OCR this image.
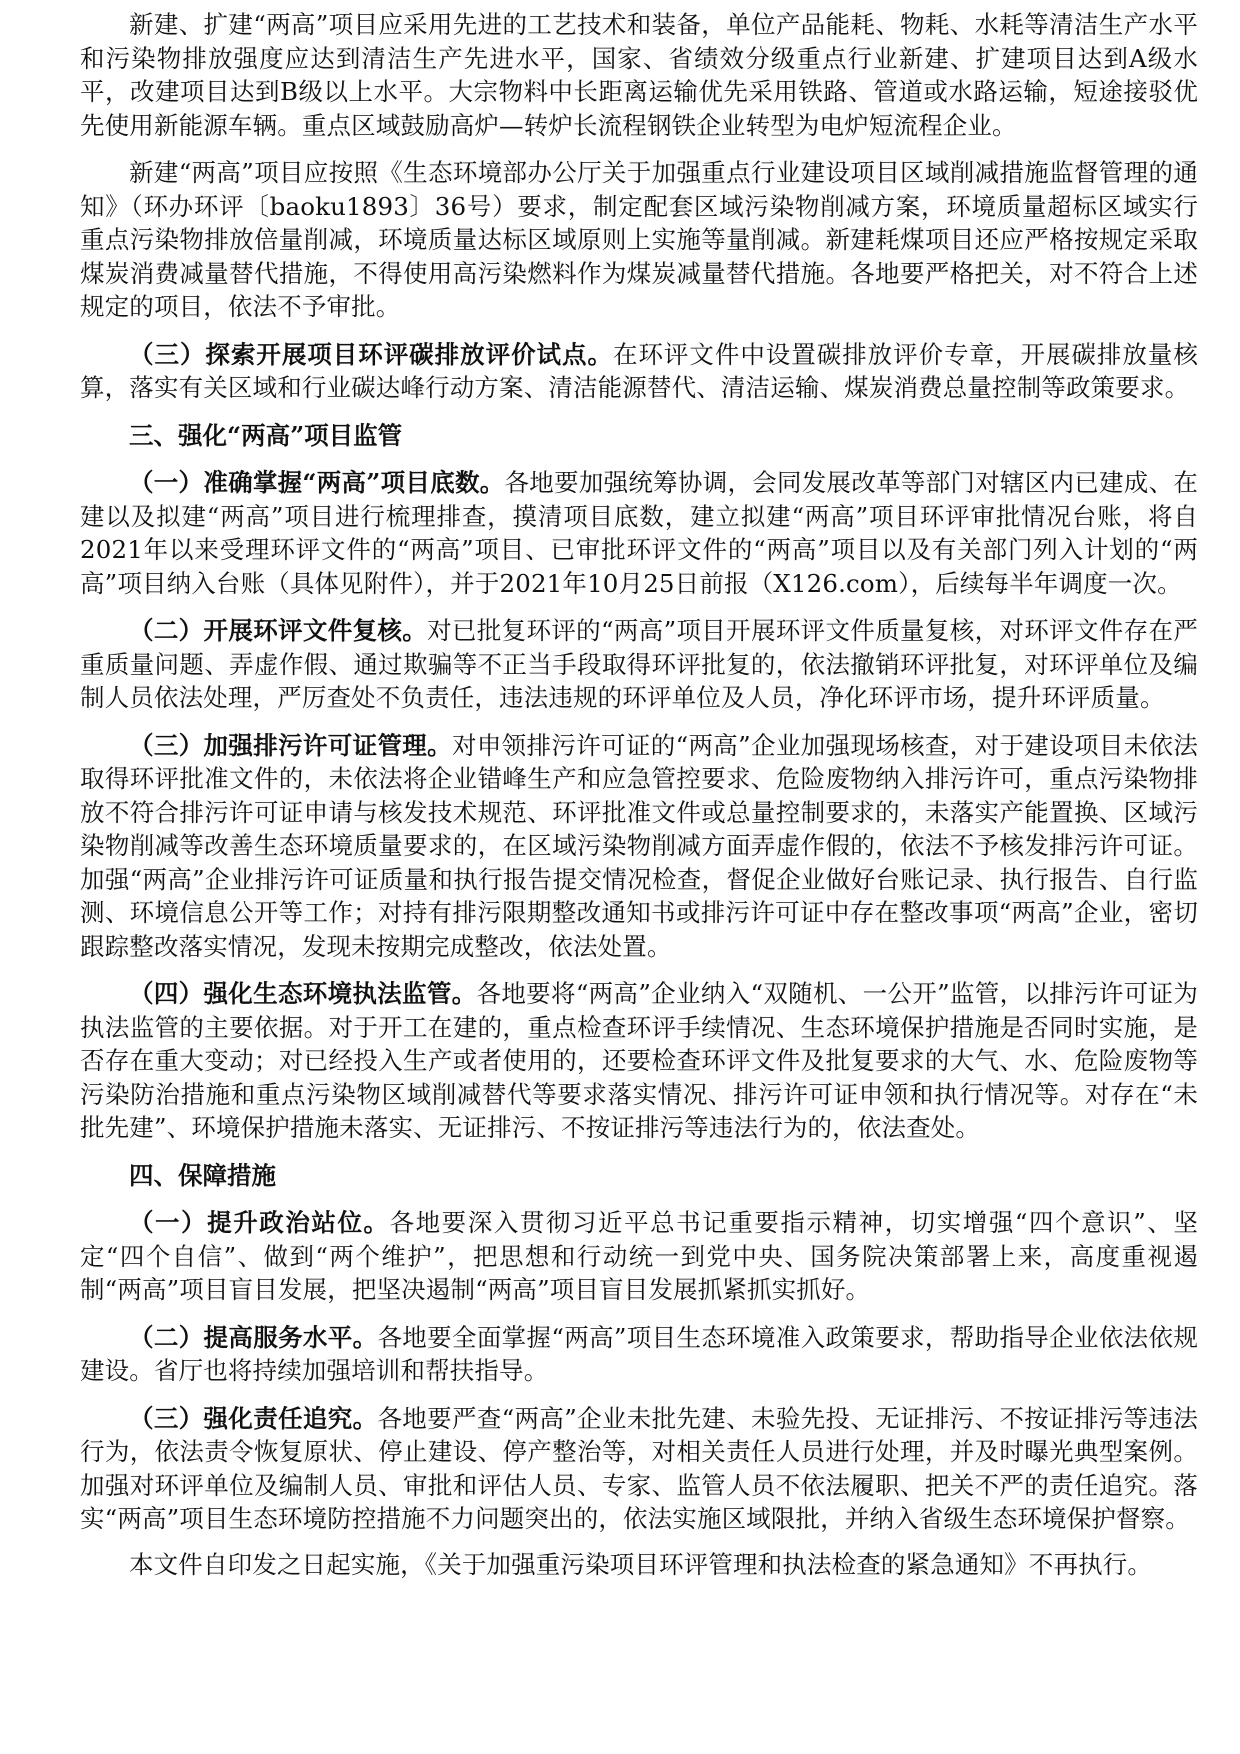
新建、扩建“两高”项目应采用先进的工艺技术和装备，单位产品能耗、物耗、水耗等清洁生产水平和污染物排放强度应达到清洁生产先进水平，国家、省绩效分级重点行业新建、扩建项目达到A级水平，改建项目达到B级以上水平。大宗物料中长距离运输优先采用铁路、管道或水路运输，短途接驳优先使用新能源车辆。重点区域鼓励高炉—转炉长流程钢铁企业转型为电炉短流程企业。

新建“两高”项目应按照《生态环境部办公厅关于加强重点行业建设项目区域削减措施监督管理的通知》（环办环评〔baoku1893〕36号）要求，制定配套区域污染物削减方案，环境质量超标区域实行重点污染物排放倍量削减，环境质量达标区域原则上实施等量削减。新建耗煤项目还应严格按规定采取煤炭消费减量替代措施，不得使用高污染燃料作为煤炭减量替代措施。各地要严格把关，对不符合上述规定的项目，依法不予审批。

（三）探索开展项目环评碳排放评价试点。在环评文件中设置碳排放评价专章，开展碳排放量核算，落实有关区域和行业碳达峰行动方案、清洁能源替代、清洁运输、煤炭消费总量控制等政策要求。

三、强化“两高”项目监管

（一）准确掌握“两高”项目底数。各地要加强统筹协调，会同发展改革等部门对辖区内已建成、在建以及拟建“两高”项目进行梳理排查，摸清项目底数，建立拟建“两高”项目环评审批情况台账，将自2021年以来受理环评文件的“两高”项目、已审批环评文件的“两高”项目以及有关部门列入计划的“两高”项目纳入台账（具体见附件），并于2021年10月25日前报（X126.com），后续每半年调度一次。

（二）开展环评文件复核。对已批复环评的“两高”项目开展环评文件质量复核，对环评文件存在严重质量问题、弄虚作假、通过欺骗等不正当手段取得环评批复的，依法撤销环评批复，对环评单位及编制人员依法处理，严厉查处不负责任，违法违规的环评单位及人员，净化环评市场，提升环评质量。

（三）加强排污许可证管理。对申领排污许可证的“两高”企业加强现场核查，对于建设项目未依法取得环评批准文件的，未依法将企业错峰生产和应急管控要求、危险废物纳入排污许可，重点污染物排放不符合排污许可证申请与核发技术规范、环评批准文件或总量控制要求的，未落实产能置换、区域污染物削减等改善生态环境质量要求的，在区域污染物削减方面弄虚作假的，依法不予核发排污许可证。加强“两高”企业排污许可证质量和执行报告提交情况检查，督促企业做好台账记录、执行报告、自行监测、环境信息公开等工作；对持有排污限期整改通知书或排污许可证中存在整改事项“两高”企业，密切跟踪整改落实情况，发现未按期完成整改，依法处置。

（四）强化生态环境执法监管。各地要将“两高”企业纳入“双随机、一公开”监管，以排污许可证为执法监管的主要依据。对于开工在建的，重点检查环评手续情况、生态环境保护措施是否同时实施，是否存在重大变动；对已经投入生产或者使用的，还要检查环评文件及批复要求的大气、水、危险废物等污染防治措施和重点污染物区域削减替代等要求落实情况、排污许可证申领和执行情况等。对存在“未批先建”、环境保护措施未落实、无证排污、不按证排污等违法行为的，依法查处。

四、保障措施

（一）提升政治站位。各地要深入贯彻习近平总书记重要指示精神，切实增强“四个意识”、坚定“四个自信”、做到“两个维护”，把思想和行动统一到党中央、国务院决策部署上来，高度重视遏制“两高”项目盲目发展，把坚决遏制“两高”项目盲目发展抓紧抓实抓好。

（二）提高服务水平。各地要全面掌握“两高”项目生态环境准入政策要求，帮助指导企业依法依规建设。省厅也将持续加强培训和帮扶指导。

（三）强化责任追究。各地要严查“两高”企业未批先建、未验先投、无证排污、不按证排污等违法行为，依法责令恢复原状、停止建设、停产整治等，对相关责任人员进行处理，并及时曝光典型案例。加强对环评单位及编制人员、审批和评估人员、专家、监管人员不依法履职、把关不严的责任追究。落实“两高”项目生态环境防控措施不力问题突出的，依法实施区域限批，并纳入省级生态环境保护督察。

本文件自印发之日起实施，《关于加强重污染项目环评管理和执法检查的紧急通知》不再执行。
